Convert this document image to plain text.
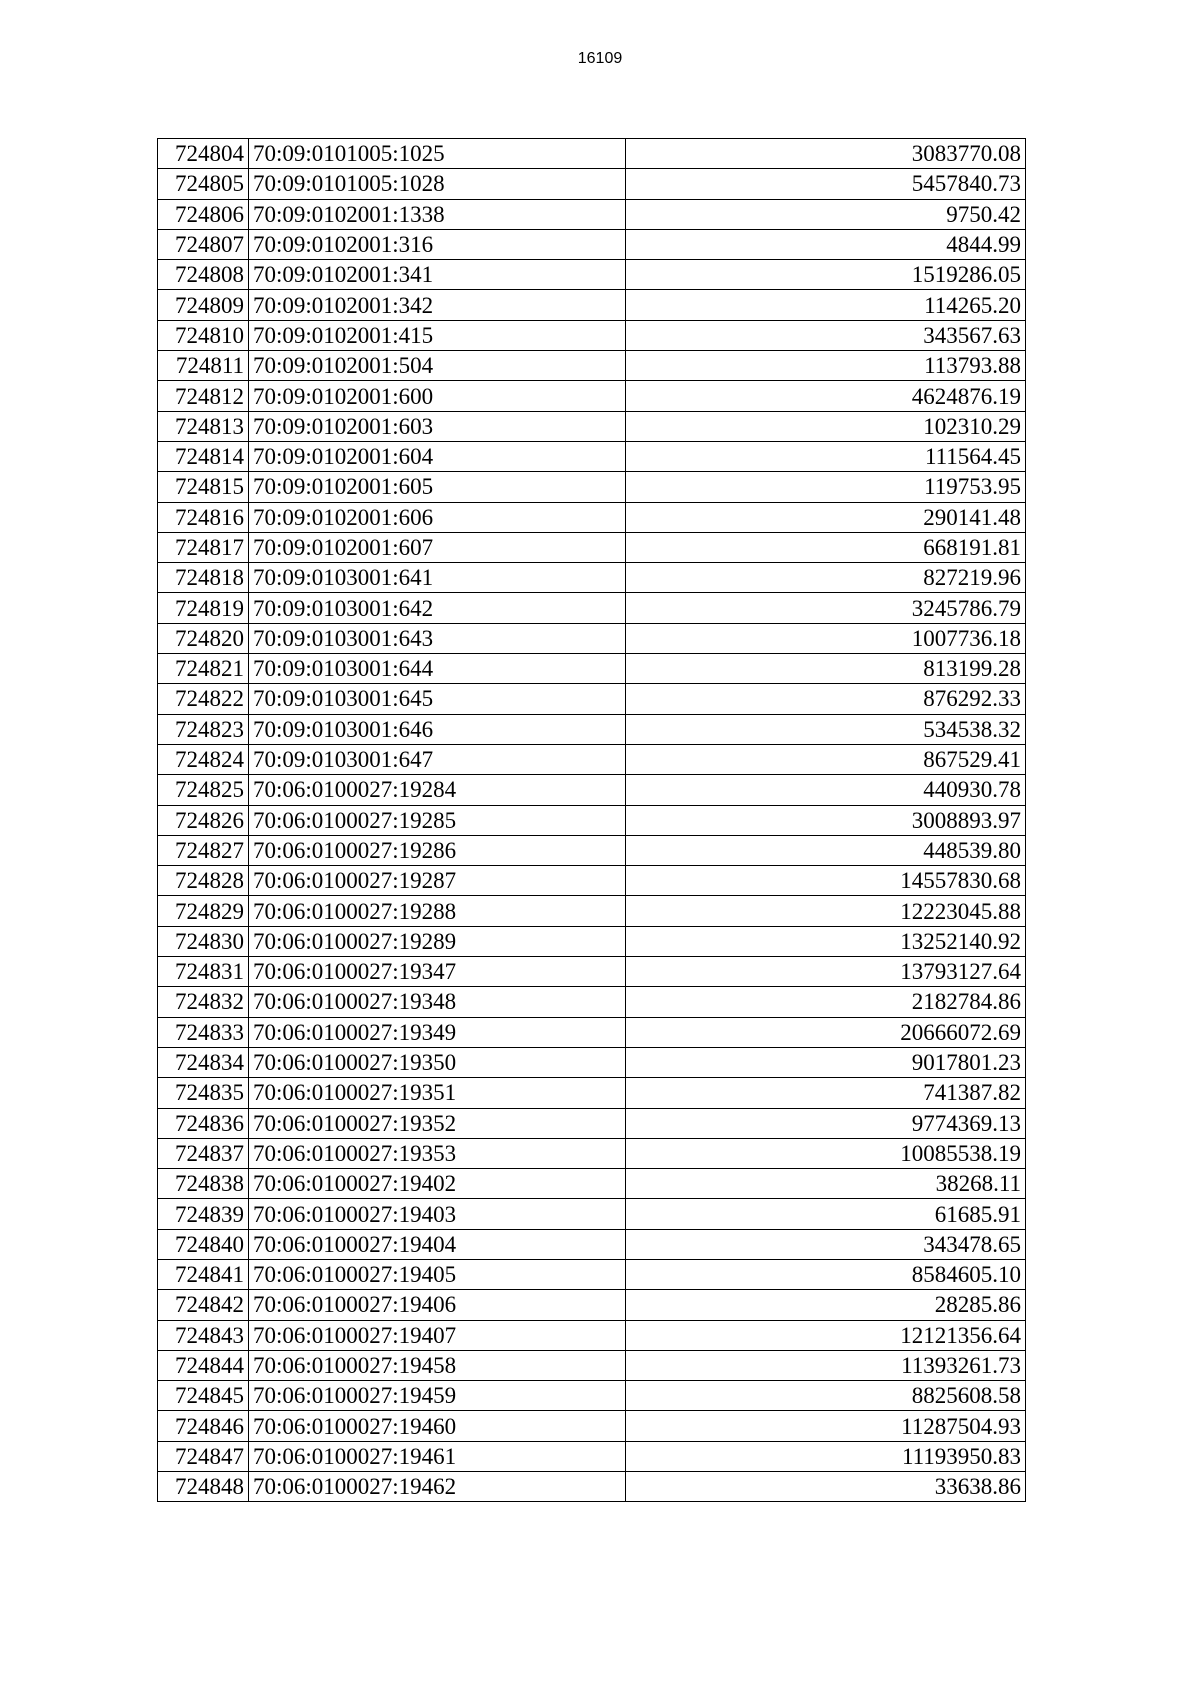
16109
724804	70:09:0101005:1025	3083770.08
724805	70:09:0101005:1028	5457840.73
724806	70:09:0102001:1338	9750.42
724807	70:09:0102001:316	4844.99
724808	70:09:0102001:341	1519286.05
724809	70:09:0102001:342	114265.20
724810	70:09:0102001:415	343567.63
724811	70:09:0102001:504	113793.88
724812	70:09:0102001:600	4624876.19
724813	70:09:0102001:603	102310.29
724814	70:09:0102001:604	111564.45
724815	70:09:0102001:605	119753.95
724816	70:09:0102001:606	290141.48
724817	70:09:0102001:607	668191.81
724818	70:09:0103001:641	827219.96
724819	70:09:0103001:642	3245786.79
724820	70:09:0103001:643	1007736.18
724821	70:09:0103001:644	813199.28
724822	70:09:0103001:645	876292.33
724823	70:09:0103001:646	534538.32
724824	70:09:0103001:647	867529.41
724825	70:06:0100027:19284	440930.78
724826	70:06:0100027:19285	3008893.97
724827	70:06:0100027:19286	448539.80
724828	70:06:0100027:19287	14557830.68
724829	70:06:0100027:19288	12223045.88
724830	70:06:0100027:19289	13252140.92
724831	70:06:0100027:19347	13793127.64
724832	70:06:0100027:19348	2182784.86
724833	70:06:0100027:19349	20666072.69
724834	70:06:0100027:19350	9017801.23
724835	70:06:0100027:19351	741387.82
724836	70:06:0100027:19352	9774369.13
724837	70:06:0100027:19353	10085538.19
724838	70:06:0100027:19402	38268.11
724839	70:06:0100027:19403	61685.91
724840	70:06:0100027:19404	343478.65
724841	70:06:0100027:19405	8584605.10
724842	70:06:0100027:19406	28285.86
724843	70:06:0100027:19407	12121356.64
724844	70:06:0100027:19458	11393261.73
724845	70:06:0100027:19459	8825608.58
724846	70:06:0100027:19460	11287504.93
724847	70:06:0100027:19461	11193950.83
724848	70:06:0100027:19462	33638.86
